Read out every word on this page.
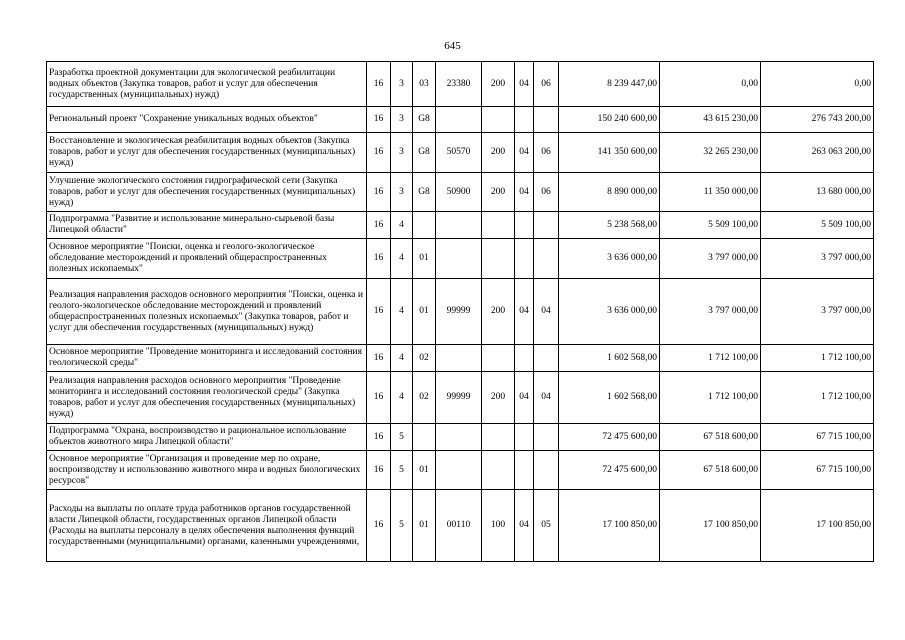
645
Разработка проектной документации для экологической реабилитации водных объектов (Закупка товаров, работ и услуг для обеспечения государственных (муниципальных) нужд)	16	3	03	23380	200	04	06	8 239 447,00	0,00	0,00
Региональный проект "Сохранение уникальных водных объектов"	16	3	G8					150 240 600,00	43 615 230,00	276 743 200,00
Восстановление и экологическая реабилитация водных объектов (Закупка товаров, работ и услуг для обеспечения государственных (муниципальных) нужд)	16	3	G8	50570	200	04	06	141 350 600,00	32 265 230,00	263 063 200,00
Улучшение экологического состояния гидрографической сети (Закупка товаров, работ и услуг для обеспечения государственных (муниципальных) нужд)	16	3	G8	50900	200	04	06	8 890 000,00	11 350 000,00	13 680 000,00
Подпрограмма "Развитие и использование минерально-сырьевой базы Липецкой области"	16	4						5 238 568,00	5 509 100,00	5 509 100,00
Основное мероприятие "Поиски, оценка и геолого-экологическое обследование месторождений и проявлений общераспространенных полезных ископаемых"	16	4	01					3 636 000,00	3 797 000,00	3 797 000,00
Реализация направления расходов основного мероприятия "Поиски, оценка и геолого-экологическое обследование месторождений и проявлений общераспространенных полезных ископаемых" (Закупка товаров, работ и услуг для обеспечения государственных (муниципальных) нужд)	16	4	01	99999	200	04	04	3 636 000,00	3 797 000,00	3 797 000,00
Основное мероприятие "Проведение мониторинга и исследований состояния геологической среды"	16	4	02					1 602 568,00	1 712 100,00	1 712 100,00
Реализация направления расходов основного мероприятия "Проведение мониторинга и исследований состояния геологической среды" (Закупка товаров, работ и услуг для обеспечения государственных (муниципальных) нужд)	16	4	02	99999	200	04	04	1 602 568,00	1 712 100,00	1 712 100,00
Подпрограмма "Охрана, воспроизводство и рациональное использование объектов животного мира Липецкой области"	16	5						72 475 600,00	67 518 600,00	67 715 100,00
Основное мероприятие "Организация и проведение мер по охране, воспроизводству и использованию животного мира и водных биологических ресурсов"	16	5	01					72 475 600,00	67 518 600,00	67 715 100,00
Расходы на выплаты по оплате труда работников органов государственной власти Липецкой области, государственных органов Липецкой области (Расходы на выплаты персоналу в целях обеспечения выполнения функций государственными (муниципальными) органами, казенными учреждениями,	16	5	01	00110	100	04	05	17 100 850,00	17 100 850,00	17 100 850,00
